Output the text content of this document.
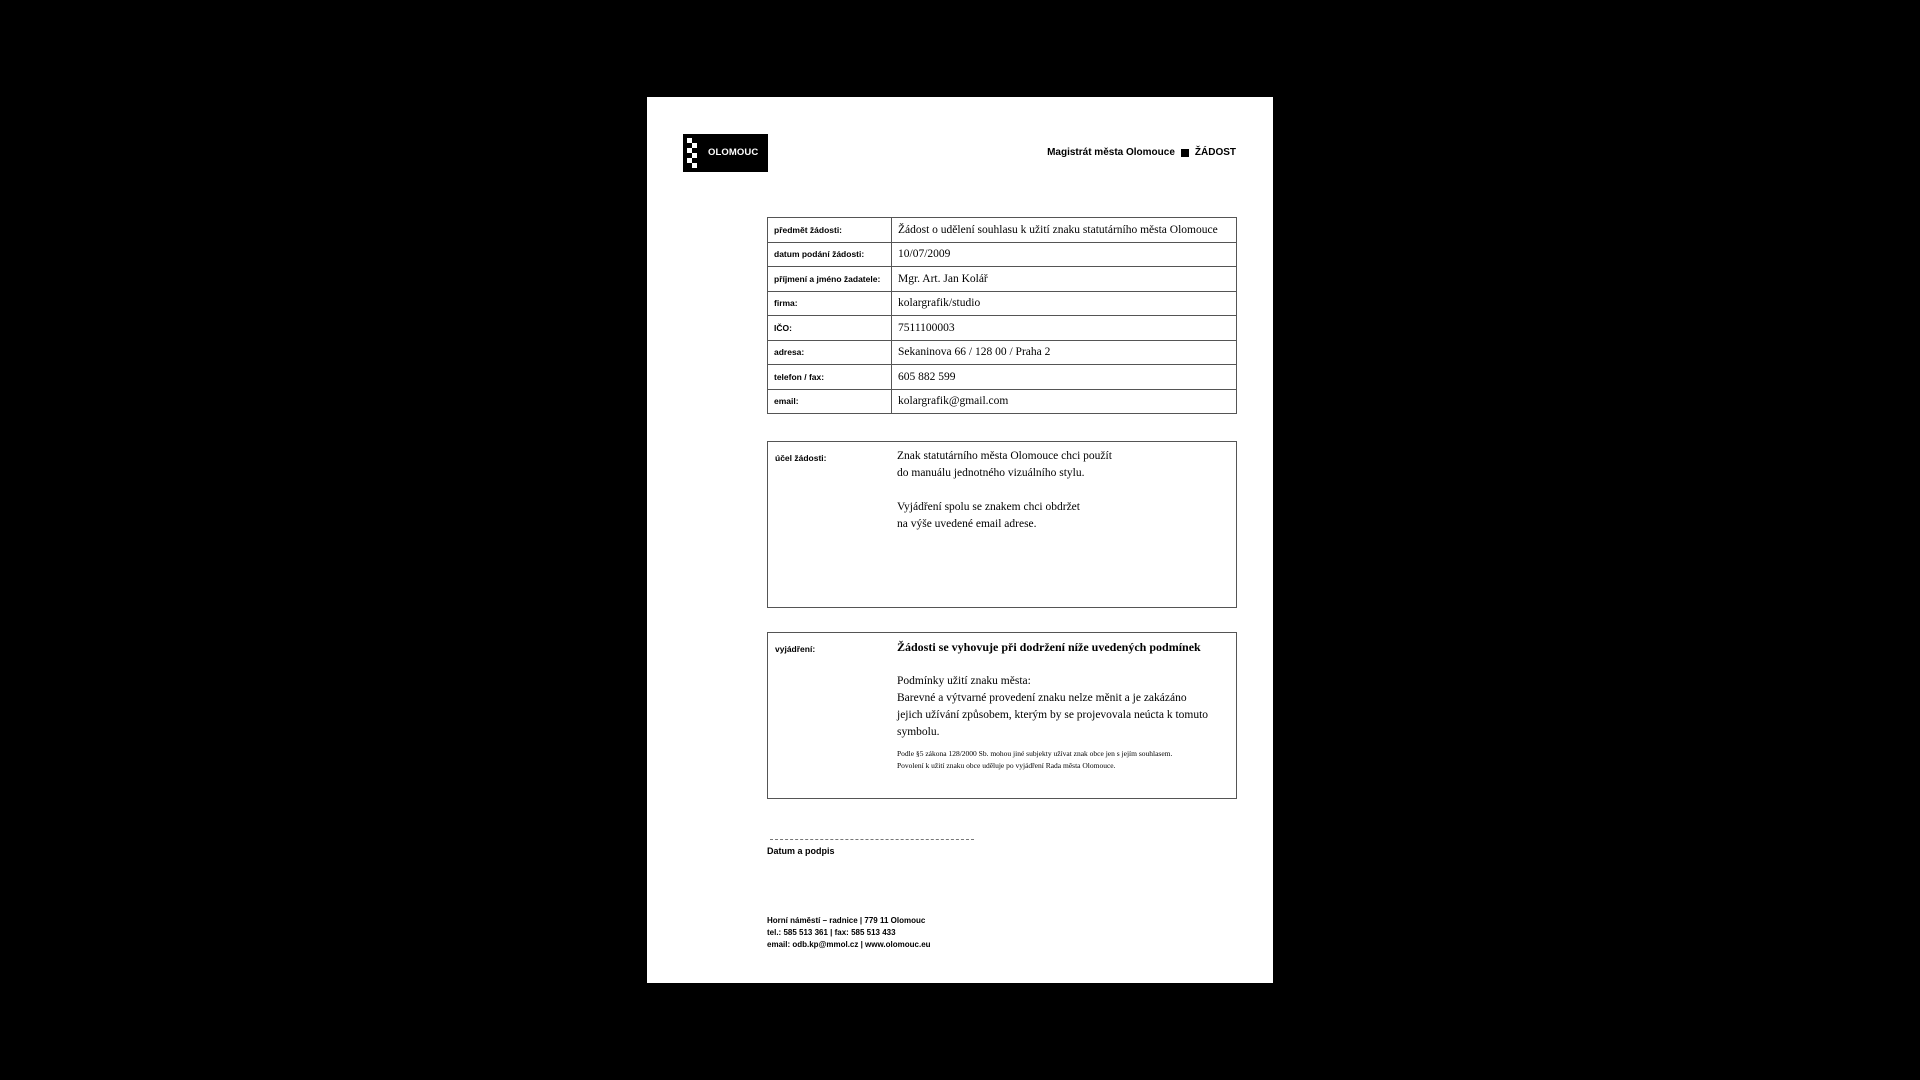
OLOMOUC	Magistrát města Olomouce ŽÁDOST
předmět žádosti:	Žádost o udělení souhlasu k užití znaku statutárního města Olomouce
datum podání žádosti:	10/07/2009
příjmení a jméno žadatele:	Mgr. Art. Jan Kolář
firma:	kolargrafik/studio
IČO:	7511100003
adresa:	Sekaninova 66 / 128 00 / Praha 2
telefon / fax:	605 882 599
email:	kolargrafik@gmail.com
účel žádosti:	Znak statutárního města Olomouce chci použít

do manuálu jednotného vizuálního stylu.

Vyjádření spolu se znakem chci obdržet

na výše uvedené email adrese.

vyjádření:	Žádosti se vyhovuje při dodržení níže uvedených podmínek

Podmínky užití znaku města:

Barevné a výtvarné provedení znaku nelze měnit a je zakázáno

jejich užívání způsobem, kterým by se projevovala neúcta k tomuto

symbolu.

Podle §5 zákona 128/2000 Sb. mohou jiné subjekty užívat znak obce jen s jejím souhlasem.

Povolení k užití znaku obce uděluje po vyjádření Rada města Olomouce.

Datum a podpis
Horní náměstí – radnice | 779 11 Olomouc
tel.: 585 513 361 | fax: 585 513 433
email: odb.kp@mmol.cz | www.olomouc.eu
